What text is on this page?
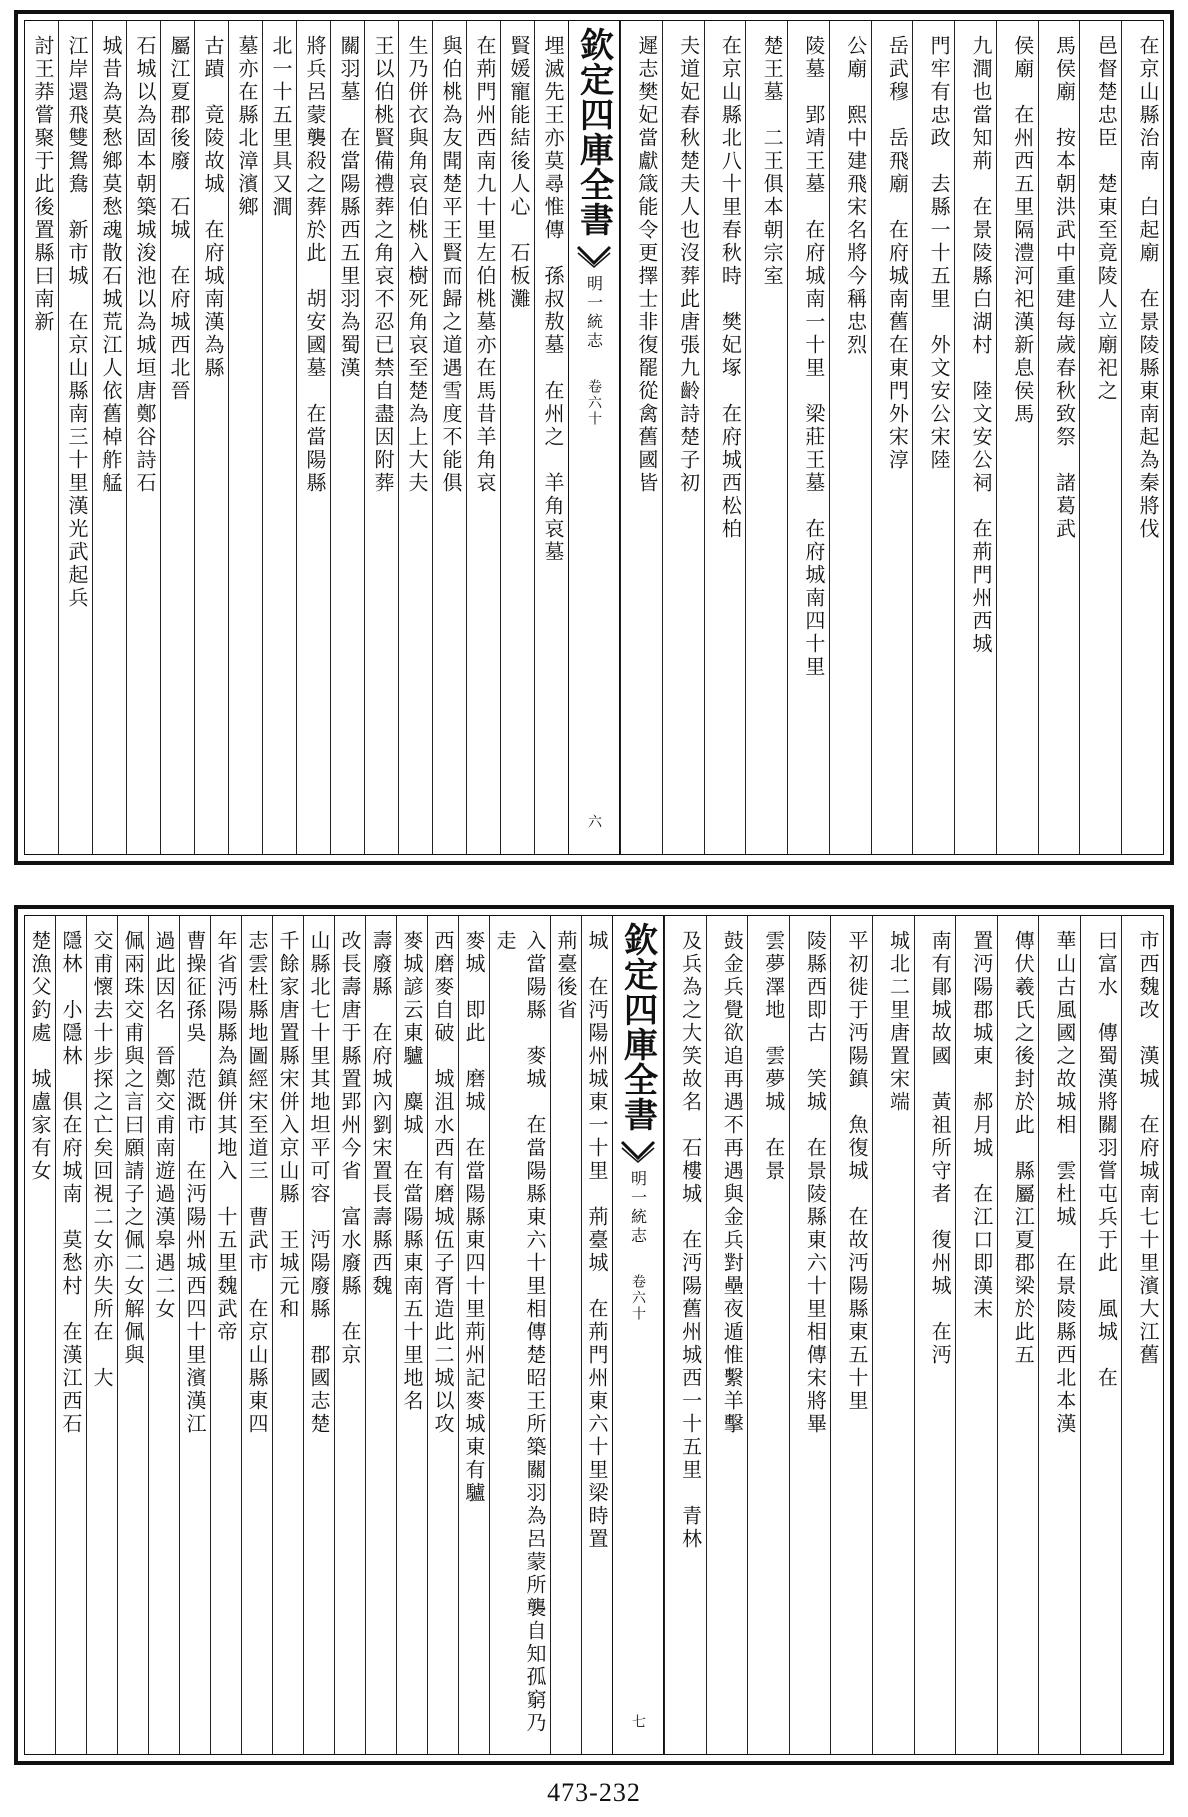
在京山縣治南　白起廟　在景陵縣東南起為秦將伐
邑督楚忠臣　楚東至竟陵人立廟祀之
馬侯廟　按本朝洪武中重建每歲春秋致祭　諸葛武
侯廟　在州西五里隔澧河祀漢新息侯馬
九澗也當知荊　在景陵縣白湖村　陸文安公祠　在荊門州西城
門牢有忠政　去縣一十五里　外文安公宋陸
岳武穆　岳飛廟　在府城南舊在東門外宋淳
公廟　熙中建飛宋名將今稱忠烈
陵墓　郢靖王墓　在府城南一十里　梁莊王墓　在府城南四十里
楚王墓　二王俱本朝宗室
在京山縣北八十里春秋時　樊妃塚　在府城西松柏
夫道妃春秋楚夫人也沒葬此唐張九齡詩楚子初
遲志樊妃當獻箴能令更擇士非復罷從禽舊國皆
欽定四庫全書
明一統志
卷六十
六
埋滅先王亦莫尋惟傳　孫叔敖墓　在州之　羊角哀墓
賢媛寵能結後人心　石板灘
在荊門州西南九十里左伯桃墓亦在馬昔羊角哀
與伯桃為友聞楚平王賢而歸之道遇雪度不能俱
生乃併衣與角哀伯桃入樹死角哀至楚為上大夫
王以伯桃賢備禮葬之角哀不忍已禁自盡因附葬
關羽墓　在當陽縣西五里羽為蜀漢
將兵呂蒙襲殺之葬於此　胡安國墓　在當陽縣
北一十五里具又澗
墓亦在縣北漳濱鄉
古蹟　竟陵故城　在府城南漢為縣
屬江夏郡後廢　石城　在府城西北晉
石城以為固本朝築城浚池以為城垣唐鄭谷詩石
城昔為莫愁鄉莫愁魂散石城荒江人依舊棹舴艋
江岸還飛雙鴛鴦　新市城　在京山縣南三十里漢光武起兵
討王莽嘗聚于此後置縣曰南新
市西魏改　漢城　在府城南七十里濱大江舊
曰富水　傳蜀漢將關羽嘗屯兵于此　風城　在
華山古風國之故城相　雲杜城　在景陵縣西北本漢
傳伏羲氏之後封於此　縣屬江夏郡梁於此五
置沔陽郡城東　郝月城　在江口即漢末
南有鄖城故國　黃祖所守者　復州城　在沔
城北二里唐置宋端
平初徙于沔陽鎮　魚復城　在故沔陽縣東五十里
陵縣西即古　笑城　在景陵縣東六十里相傳宋將畢
雲夢澤地　雲夢城　在景
鼓金兵覺欲追再遇不再遇與金兵對壘夜遁惟繫羊擊
及兵為之大笑故名　石樓城　在沔陽舊州城西一十五里　青林
欽定四庫全書
明一統志
卷六十
七
城　在沔陽州城東一十里　荊臺城　在荊門州東六十里梁時置
荊臺後省
入當陽縣　麥城　在當陽縣東六十里相傳楚昭王所築關羽為呂蒙所襲自知孤窮乃走
麥城　即此　磨城　在當陽縣東四十里荊州記麥城東有驢
西磨麥自破　城沮水西有磨城伍子胥造此二城以攻
麥城諺云東驢　麋城　在當陽縣東南五十里地名
壽廢縣　在府城內劉宋置長壽縣西魏
改長壽唐于縣置郢州今省　富水廢縣　在京
山縣北七十里其地坦平可容　沔陽廢縣　郡國志楚
千餘家唐置縣宋併入京山縣　王城元和
志雲杜縣地圖經宋至道三　曹武市　在京山縣東四
年省沔陽縣為鎮併其地入　十五里魏武帝
曹操征孫吳　范溉市　在沔陽州城西四十里濱漢江
過此因名　晉鄭交甫南遊過漢皋遇二女
佩兩珠交甫與之言曰願請子之佩二女解佩與
交甫懷去十步探之亡矣回視二女亦失所在　大
隱林　小隱林　俱在府城南　莫愁村　在漢江西石
楚漁父釣處　城盧家有女
473-232
